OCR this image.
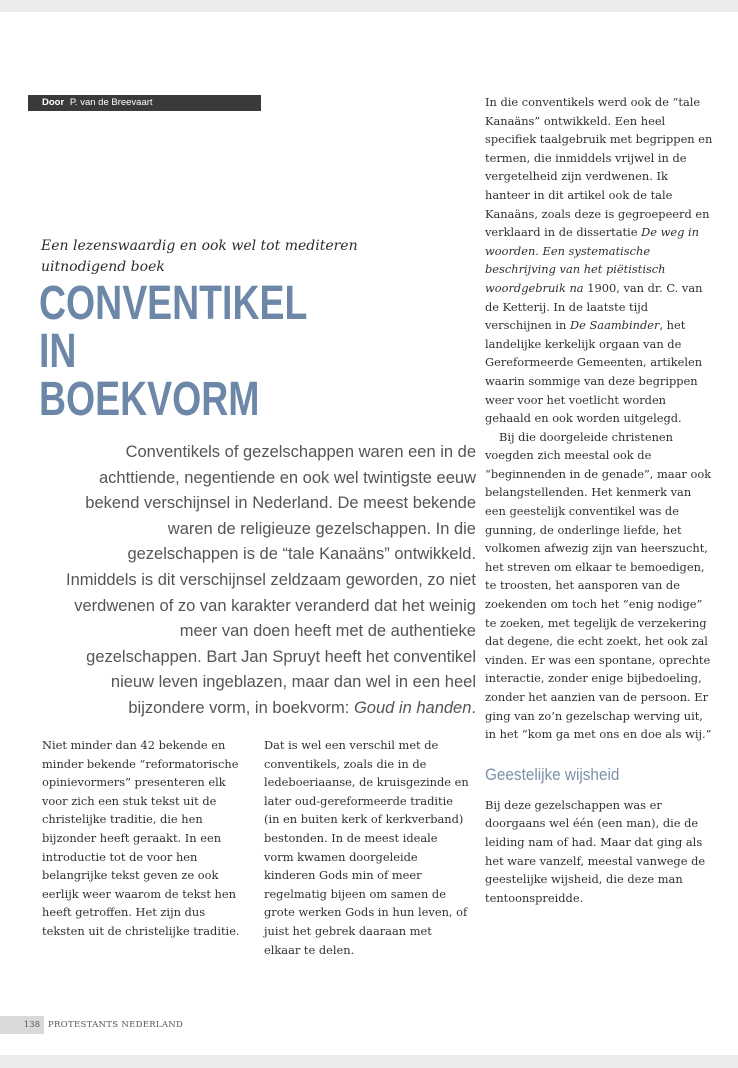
Door P. van de Breevaart
Een lezenswaardig en ook wel tot mediteren uitnodigend boek
CONVENTIKEL IN
BOEKVORM
Conventikels of gezelschappen waren een in de achttiende, negentiende en ook wel twintigste eeuw bekend verschijnsel in Nederland. De meest bekende waren de religieuze gezelschappen. In die gezelschappen is de “tale Kanaäns” ontwikkeld. Inmiddels is dit verschijnsel zeldzaam geworden, zo niet verdwenen of zo van karakter veranderd dat het weinig meer van doen heeft met de authentieke gezelschappen. Bart Jan Spruyt heeft het conventikel nieuw leven ingeblazen, maar dan wel in een heel bijzondere vorm, in boekvorm: Goud in handen.

Niet minder dan 42 bekende en minder bekende “reformatorische opinievormers” presenteren elk voor zich een stuk tekst uit de christelijke traditie, die hen bijzonder heeft geraakt. In een introductie tot de voor hen belangrijke tekst geven ze ook eerlijk weer waarom de tekst hen heeft getroffen. Het zijn dus teksten uit de christelijke traditie.

Dat is wel een verschil met de conventikels, zoals die in de ledeboeriaanse, de kruisgezinde en later oud-gereformeerde traditie (in en buiten kerk of kerkverband) bestonden. In de meest ideale vorm kwamen doorgeleide kinderen Gods min of meer regelmatig bijeen om samen de grote werken Gods in hun leven, of juist het gebrek daaraan met elkaar te delen.

In die conventikels werd ook de “tale Kanaäns” ontwikkeld. Een heel specifiek taalgebruik met begrippen en termen, die inmiddels vrijwel in de vergetelheid zijn verdwenen. Ik hanteer in dit artikel ook de tale Kanaäns, zoals deze is gegroepeerd en verklaard in de dissertatie De weg in woorden. Een systematische beschrijving van het piëtistisch woordgebruik na 1900, van dr. C. van de Ketterij. In de laatste tijd verschijnen in De Saambinder, het landelijke kerkelijk orgaan van de Gereformeerde Gemeenten, artikelen waarin sommige van deze begrippen weer voor het voetlicht worden gehaald en ook worden uitgelegd.

Bij die doorgeleide christenen voegden zich meestal ook de “beginnenden in de genade”, maar ook belangstellenden. Het kenmerk van een geestelijk conventikel was de gunning, de onderlinge liefde, het volkomen afwezig zijn van heerszucht, het streven om elkaar te bemoedigen, te troosten, het aansporen van de zoekenden om toch het “enig nodige” te zoeken, met tegelijk de verzekering dat degene, die echt zoekt, het ook zal vinden. Er was een spontane, oprechte interactie, zonder enige bijbedoeling, zonder het aanzien van de persoon. Er ging van zo’n gezelschap werving uit, in het “kom ga met ons en doe als wij.”

Geestelijke wijsheid

Bij deze gezelschappen was er doorgaans wel één (een man), die de leiding nam of had. Maar dat ging als het ware vanzelf, meestal vanwege de geestelijke wijsheid, die deze man tentoonspreidde.

138 PROTESTANTS NEDERLAND
